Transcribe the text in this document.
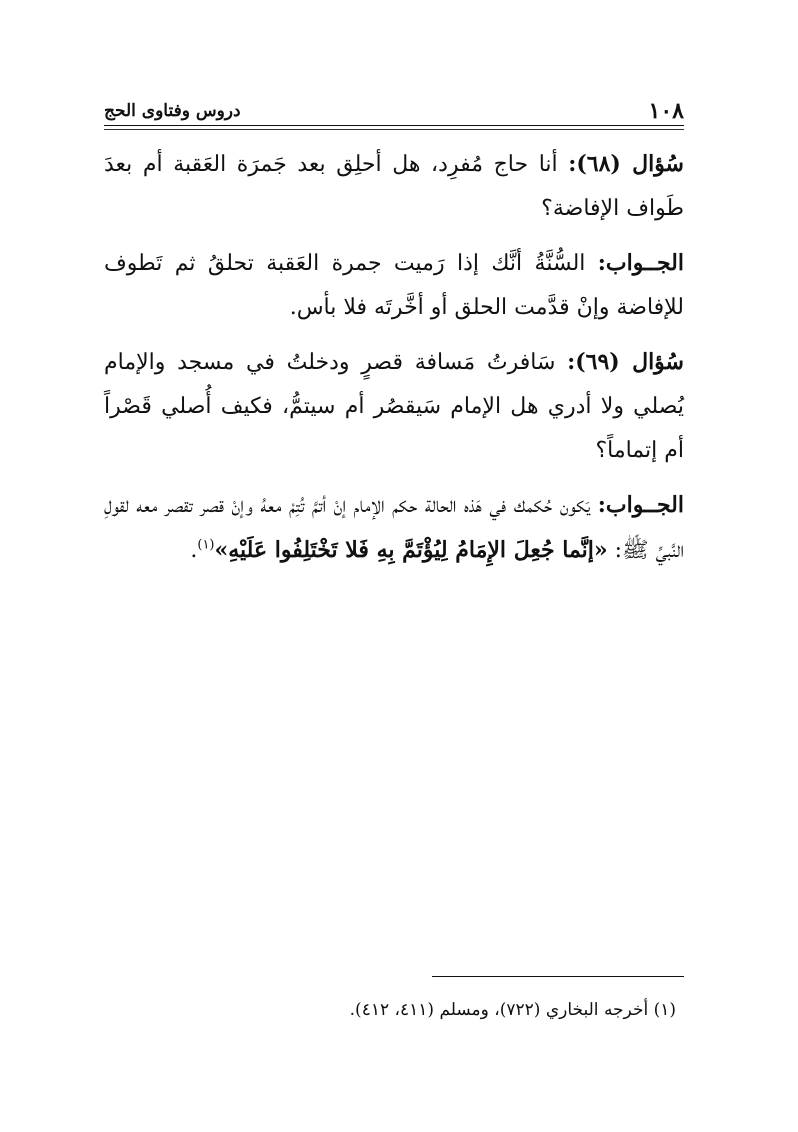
١٠٨
دروس وفتاوى الحج

سُؤال (٦٨): أنا حاج مُفرِد، هل أحلِق بعد جَمرَة العَقبة أم بعدَ طَواف الإفاضة؟

الجــواب: السُّنَّةُ أنَّك إذا رَميت جمرة العَقبة تحلقُ ثم تَطوف للإفاضة وإنْ قدَّمت الحلق أو أخَّرتَه فلا بأس.

سُؤال (٦٩): سَافرتُ مَسافة قصرٍ ودخلتُ في مسجد والإمام يُصلي ولا أدري هل الإمام سَيقصُر أم سيتمُّ، فكيف أُصلي قَصْراً أم إتماماً؟

الجــواب: يَكون حُكمك في هَذه الحالة حكم الإمام إنْ أتمَّ تُتِمْ معهُ وإنْ قصر تقصر معه لقولِ النَّبيِّ ﷺ: «إنَّما جُعِلَ الإِمَامُ لِيُؤْتَمَّ بِهِ فَلا تَخْتَلِفُوا عَلَيْهِ»$^{(١)}$.

(١) أخرجه البخاري (٧٢٢)، ومسلم (٤١١، ٤١٢).
